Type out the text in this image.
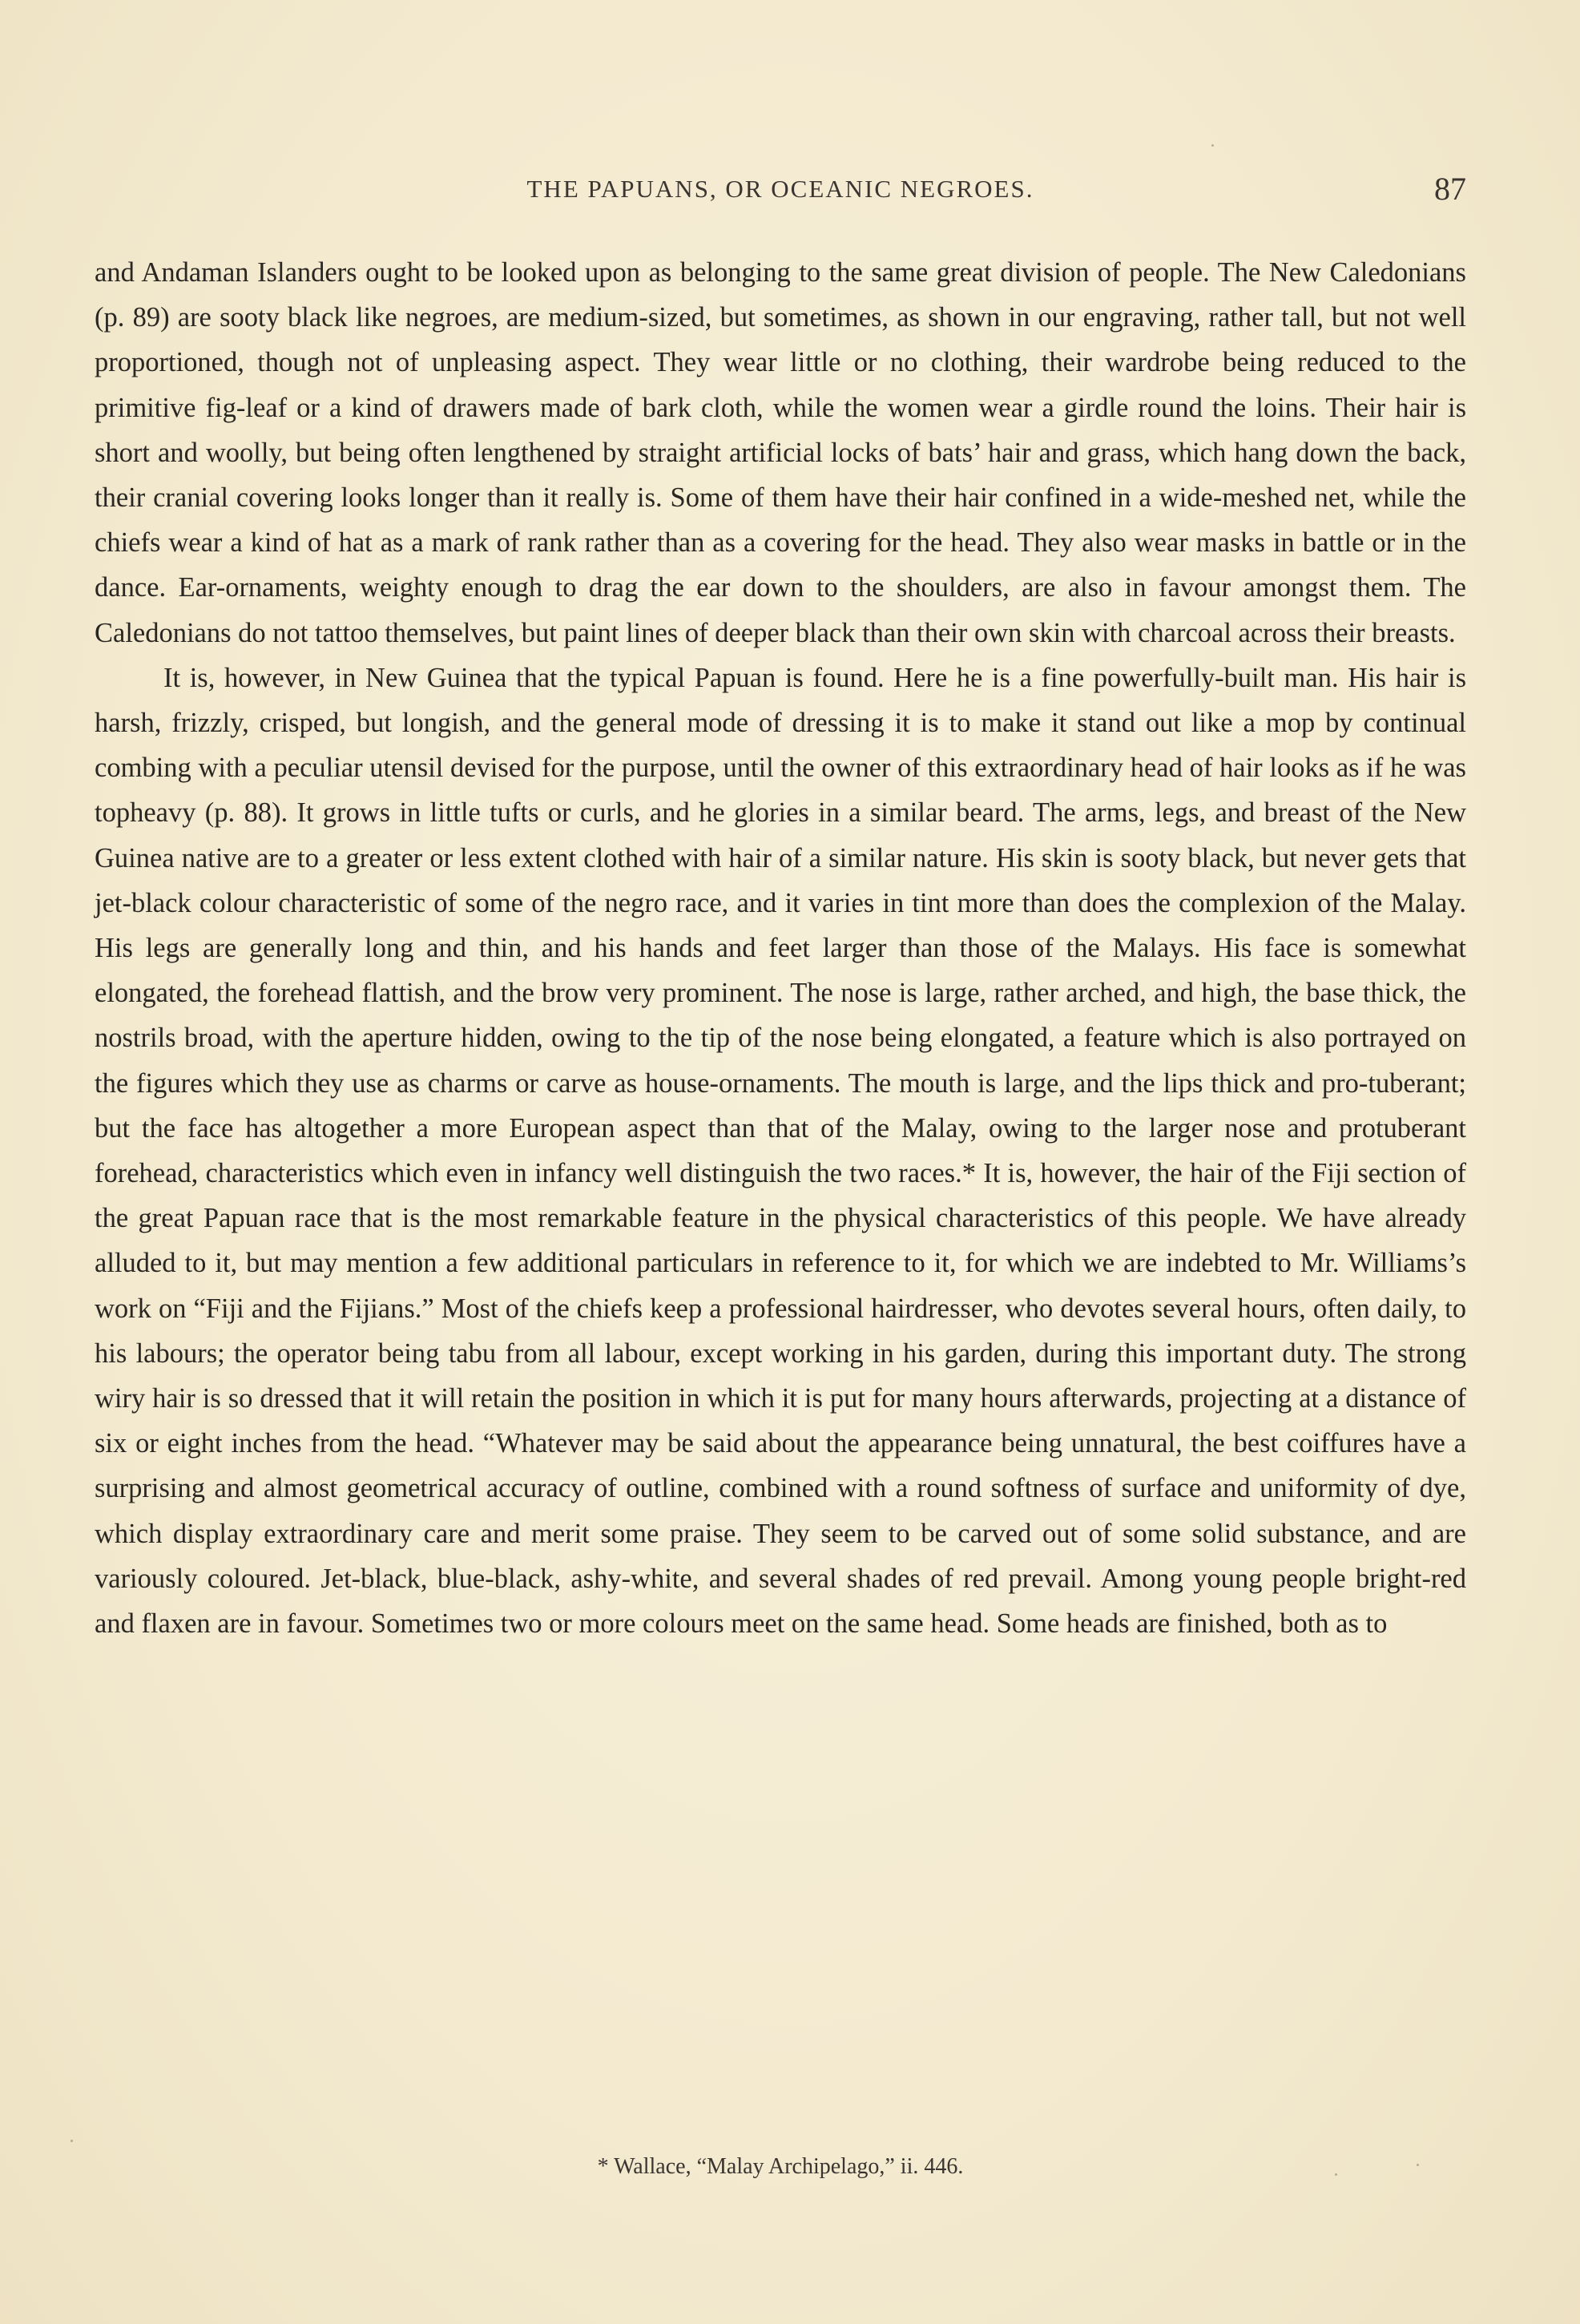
THE PAPUANS, OR OCEANIC NEGROES.	87

and Andaman Islanders ought to be looked upon as belonging to the same great division of people. The New Caledonians (p. 89) are sooty black like negroes, are medium-sized, but sometimes, as shown in our engraving, rather tall, but not well proportioned, though not of unpleasing aspect. They wear little or no clothing, their wardrobe being reduced to the primitive fig-leaf or a kind of drawers made of bark cloth, while the women wear a girdle round the loins. Their hair is short and woolly, but being often lengthened by straight artificial locks of bats’ hair and grass, which hang down the back, their cranial covering looks longer than it really is. Some of them have their hair confined in a wide-meshed net, while the chiefs wear a kind of hat as a mark of rank rather than as a covering for the head. They also wear masks in battle or in the dance. Ear-ornaments, weighty enough to drag the ear down to the shoulders, are also in favour amongst them. The Caledonians do not tattoo themselves, but paint lines of deeper black than their own skin with charcoal across their breasts.

It is, however, in New Guinea that the typical Papuan is found. Here he is a fine powerfully-built man. His hair is harsh, frizzly, crisped, but longish, and the general mode of dressing it is to make it stand out like a mop by continual combing with a peculiar utensil devised for the purpose, until the owner of this extraordinary head of hair looks as if he was topheavy (p. 88). It grows in little tufts or curls, and he glories in a similar beard. The arms, legs, and breast of the New Guinea native are to a greater or less extent clothed with hair of a similar nature. His skin is sooty black, but never gets that jet-black colour characteristic of some of the negro race, and it varies in tint more than does the complexion of the Malay. His legs are generally long and thin, and his hands and feet larger than those of the Malays. His face is somewhat elongated, the forehead flattish, and the brow very prominent. The nose is large, rather arched, and high, the base thick, the nostrils broad, with the aperture hidden, owing to the tip of the nose being elongated, a feature which is also portrayed on the figures which they use as charms or carve as house-ornaments. The mouth is large, and the lips thick and pro-tuberant; but the face has altogether a more European aspect than that of the Malay, owing to the larger nose and protuberant forehead, characteristics which even in infancy well distinguish the two races.* It is, however, the hair of the Fiji section of the great Papuan race that is the most remarkable feature in the physical characteristics of this people. We have already alluded to it, but may mention a few additional particulars in reference to it, for which we are indebted to Mr. Williams’s work on “Fiji and the Fijians.” Most of the chiefs keep a professional hairdresser, who devotes several hours, often daily, to his labours; the operator being tabu from all labour, except working in his garden, during this important duty. The strong wiry hair is so dressed that it will retain the position in which it is put for many hours afterwards, projecting at a distance of six or eight inches from the head. “Whatever may be said about the appearance being unnatural, the best coiffures have a surprising and almost geometrical accuracy of outline, combined with a round softness of surface and uniformity of dye, which display extraordinary care and merit some praise. They seem to be carved out of some solid substance, and are variously coloured. Jet-black, blue-black, ashy-white, and several shades of red prevail. Among young people bright-red and flaxen are in favour. Sometimes two or more colours meet on the same head. Some heads are finished, both as to

* Wallace, “Malay Archipelago,” ii. 446.
